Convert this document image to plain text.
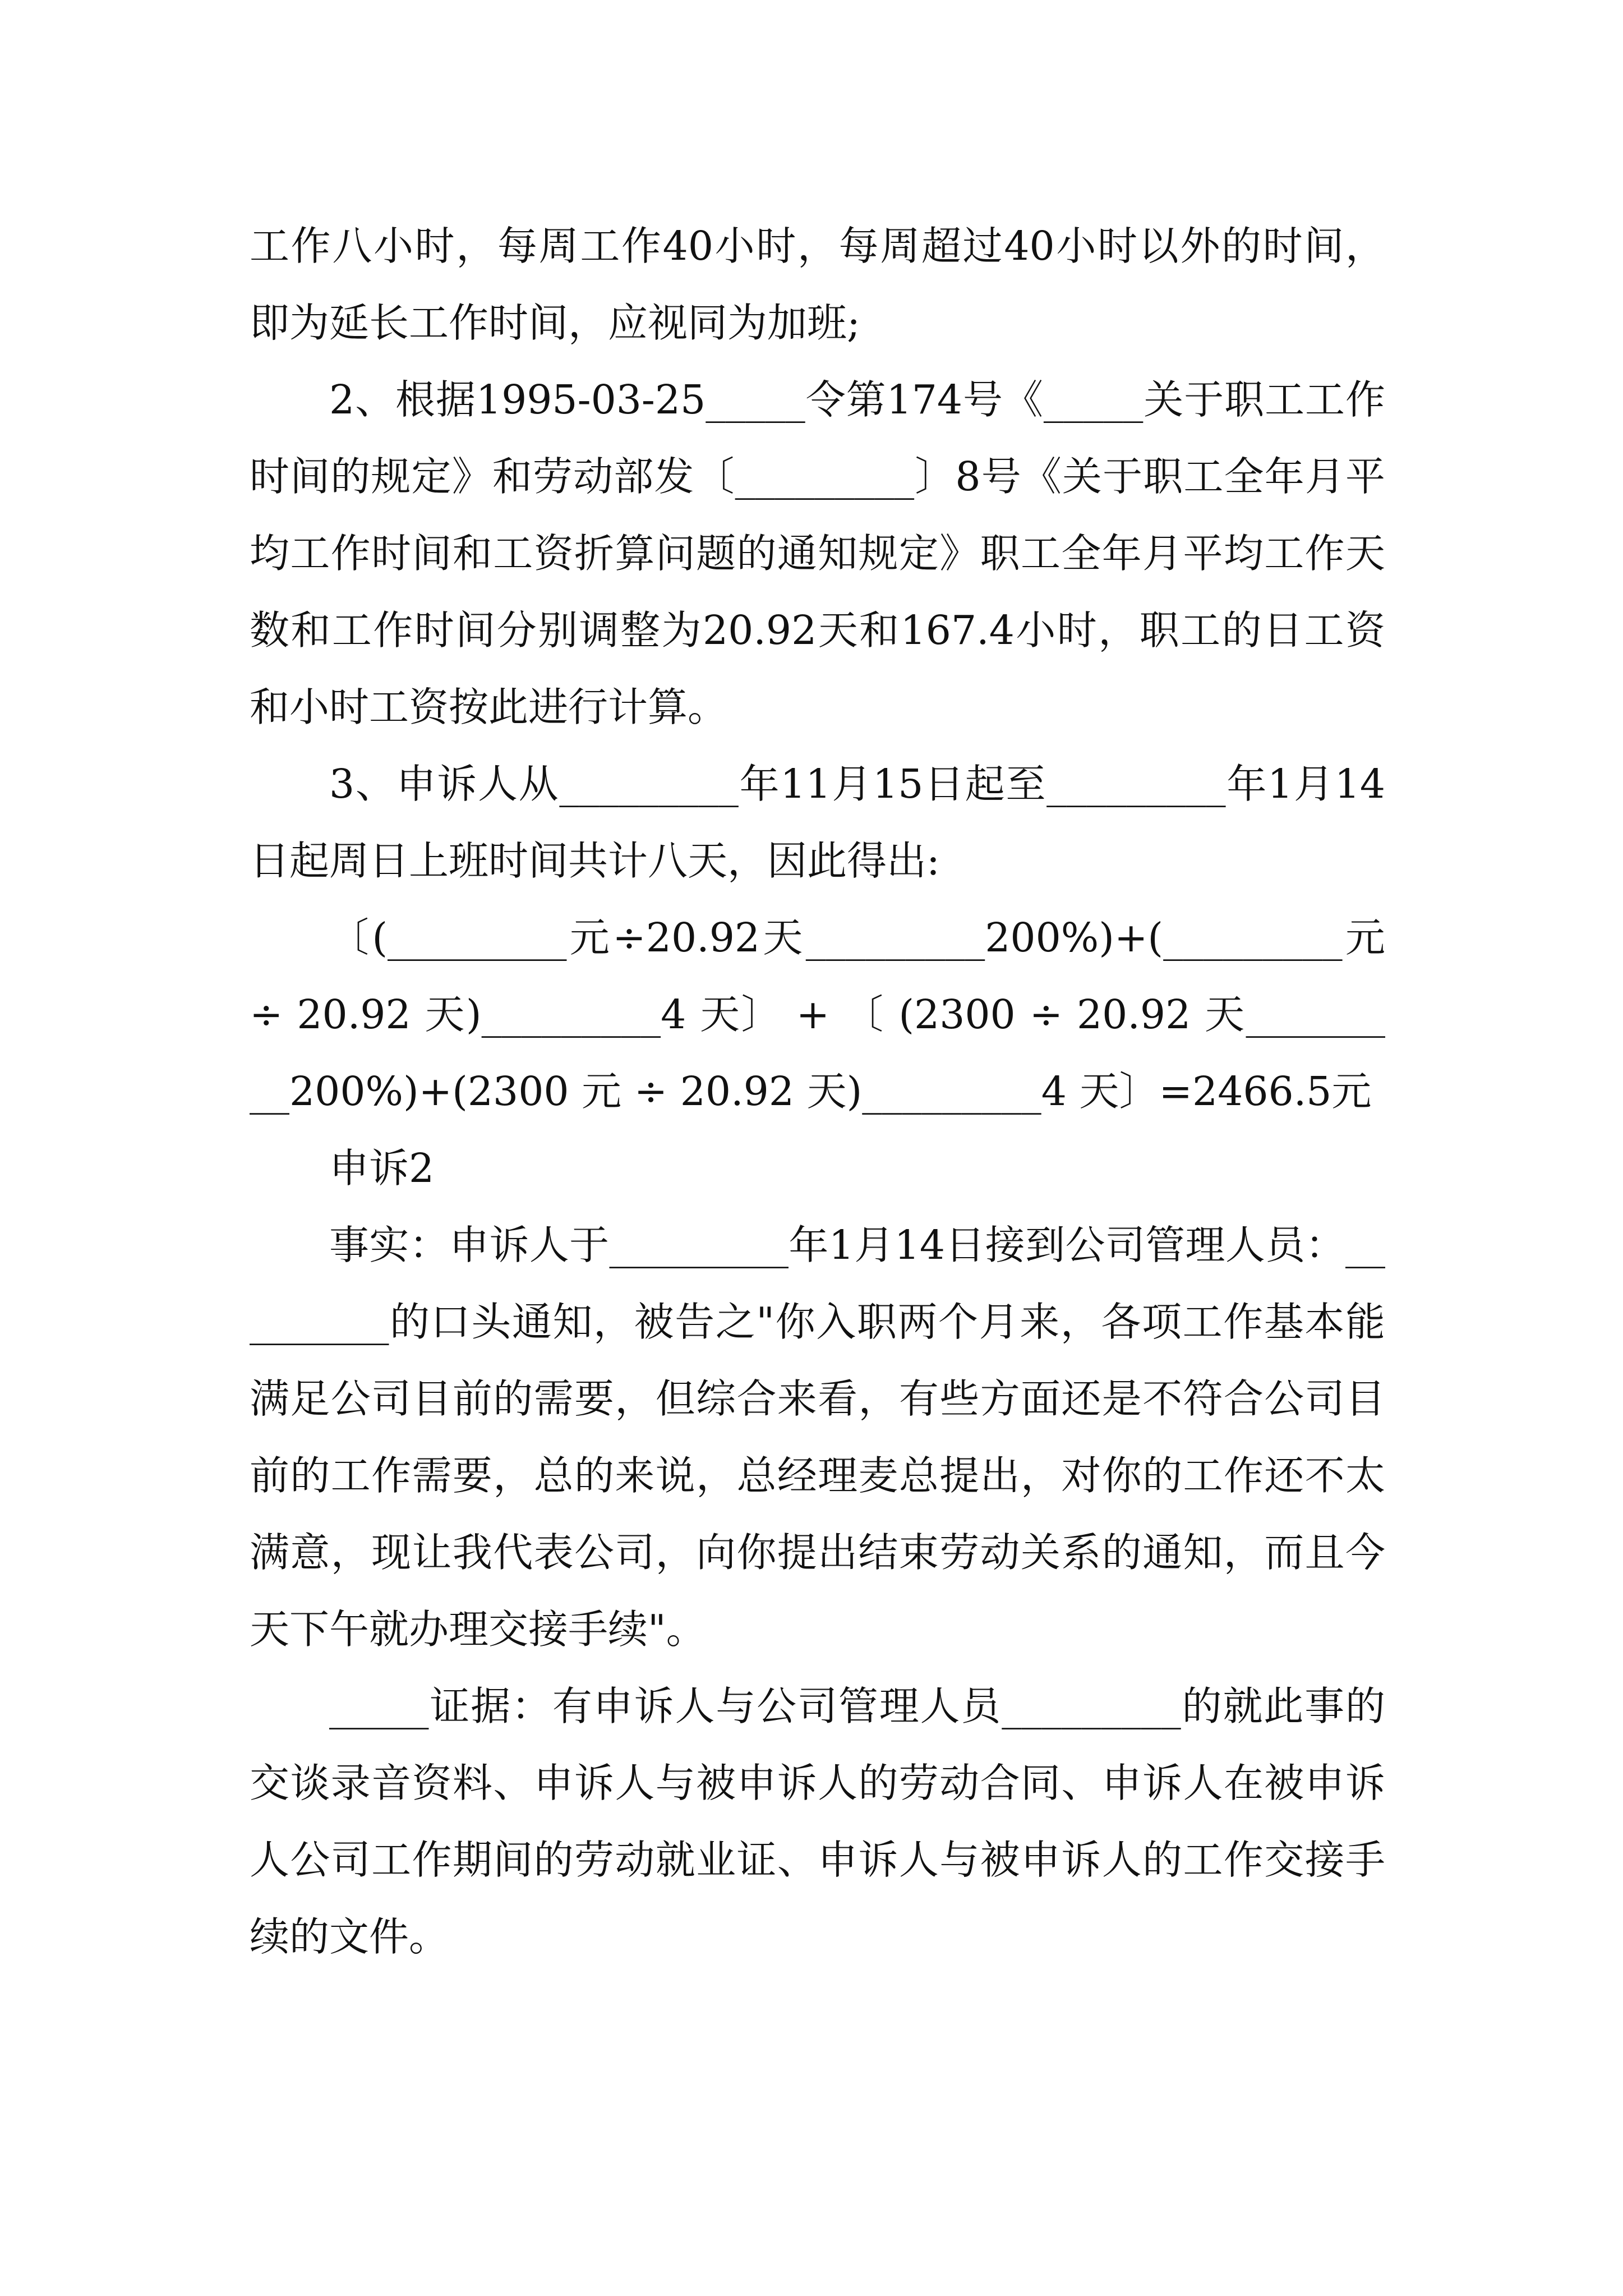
工作八小时，每周工作40小时，每周超过40小时以外的时间，即为延长工作时间，应视同为加班;

2、根据1995-03-25_____令第174号《_____关于职工工作时间的规定》和劳动部发〔_________〕8号《关于职工全年月平均工作时间和工资折算问题的通知规定》职工全年月平均工作天数和工作时间分别调整为20.92天和167.4小时，职工的日工资和小时工资按此进行计算。

3、申诉人从_________年11月15日起至_________年1月14日起周日上班时间共计八天，因此得出:

〔(_________元÷20.92天_________200%)+(_________元 ÷ 20.92 天)_________4 天〕 + 〔 (2300 ÷ 20.92 天_________200%)+(2300 元 ÷ 20.92 天)_________4 天〕=2466.5元

申诉2

事实：申诉人于_________年1月14日接到公司管理人员：_________的口头通知，被告之"你入职两个月来，各项工作基本能满足公司目前的需要，但综合来看，有些方面还是不符合公司目前的工作需要，总的来说，总经理麦总提出，对你的工作还不太满意，现让我代表公司，向你提出结束劳动关系的通知，而且今天下午就办理交接手续"。

_____证据：有申诉人与公司管理人员_________的就此事的交谈录音资料、申诉人与被申诉人的劳动合同、申诉人在被申诉人公司工作期间的劳动就业证、申诉人与被申诉人的工作交接手续的文件。
